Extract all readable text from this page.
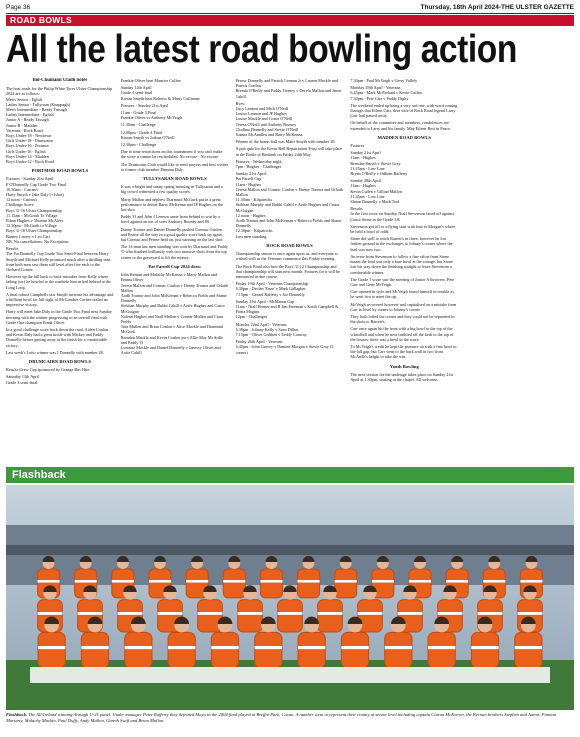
Page 36	Thursday, 18th April 2024-THE ULSTER GAZETTE
ROAD BOWLS
All the latest road bowling action

Bol-Chumann Uladh notes

The host roads for the Philip White Tyres Ulster Championship 2024 are as follows:
Men's Senior - Eglish
Ladies Senior - Tullyroan (Knappagh)
Men's Intermediate - Ready Tassagh
Ladies Intermediate - Eglish
Junior A - Ready Tassagh
Junior B - Madden
Veterans - Rock Road
Boys Under-18 - Newtown
Girls Under-18 - Drumcairn
Boys Under-16 - Portmor
Girls Under-16 - Eglish
Boys Under-14 - Madden
Boys Under-12 - Rock Road

PORTMOR ROAD BOWLS

Fixtures - Sunday 21st April
F O'Donnelly Cup Grade Two Final
10.30am - Curran's
Harry Smyth v Jake Daly (+1shot)
12 noon - Curran's
Challenge Score
Boys' U-16 Ulster Championship
11.15am - McGrath To Village
Ethan Hughes v Thomas McAleer
12.30pm - McGrath to Village
Boys' U-16 Ulster Championship
Barney Lavery v Leo Carr
NB. No cancellations. No Exceptions

Results
The Pat Donnelly Cup Grade Two Semi-Final between Harry Smyth and Michael Kelly promised much after a thrilling start from both men saw them still level after five each to the Orchard Corner.

However up the hill back to back mistakes from Kelly where fading (sic) he bowled to the roadside him in bed behind at the Long Loop.

A final robust Campbells saw Smyth increase his advantage and a brilliant bowl for full sight of McCombes Corner sealed an impressive victory.

Harry will meet Jake Daly in the Grade Two Final next Sunday morning with the winner progressing to an overall final with Grade One champion Frank Oliver.

In a good challenge score back down the road, Aiden Conlon and Kevin Daly had a great tussle with Mickey and Paddy Donnelly before getting away at the finish for a comfortable victory.

Last week's Lotto winner was J Donnelly with number 28.

DRUMCAIRN ROAD BOWLS

Results Grew Cup sponsored by Grange Bus Hire

Saturday 13th April
Grade 3 semi-final

Frankie Oliver beat Maurice Cullen

Sunday 14th April
Grade 4 semi-final
Kieran Smyth beat Roberto & Marty Cullinane

Fixtures - Sunday 21st April

11am - Grade 3 Final
Frankie Oliver vs Anthony McVeigh

11.30am - Challenge

12.00pm - Grade 4 Final
Kieran Smyth vs Joshua O'Neill

12.30pm - Challenge

Due to time restrictions on this tournament if you can't make the score it cannot be rescheduled. No excuse - No excuse.

The Drumcairn Club would like to send prayers and best wishes to former club member Damian Daly.

TULLYSARAN ROAD BOWLS

It was a bright and sunny spring morning in Tullysaran and a big crowd witnessed a few quality scores.

Marty Mallon and nephew Diarmuid McGurk put in a great performance to defeat Barry McKenna and JP Hughes on the last shot.

Paddy 'O and John J Lennon came from behind to win by a bowl against an out of sorts Anthony Rooney and JR.

Danny Trainor and Daniel Donnelly pushed Cormac Conlon and Pearse all the way in a good quality score back up again, but Cormac and Pearse held on, just winning on the last shot.

The 14 man last men standing was won by Diarmuid and Paddy 'O who finished brilliantly with two massive shots from the top corner to the graveyard to lift the money.

Pat Farrell Cup 2024 draw

John Kernan and Malachy McKenna v Marty Mallon and Emma Oliver
Teresa Mallon and Cormac Conlon v Danny Trainor and Orlaith Mallon
Aodh Trainor and John McKernan v Rebecca Fields and Shane Donnelly
Siobhan Murphy and Dubhi Cahill v Aoife Hughes and Conor McGuigan
Nolean Hughes and Niall Mullen v Connie Mullen and Ciara Fields
Tara Mullen and Brian Conlon v Alice Mackle and Diarmuid McGurk
Brendan Mackle and Kevin Conlon jnr v Ellie May McArdle and Paddy 'O
Lorraine Mackle and Daniel Donnelly v Janessy Oliver and Aoife Cahill

Pearse Donnelly and Patrick Lennon Jr v Lauren Mackle and Patrick Conlon
Brenda O'Reilly and Paddy Tierney v Dervla Mallon and Jason Cahill.

Byes:
Lucy Lennon and Mich O'Neill
Louise Lennon and JP Hughes
Louise Mackle and Conor O'Neill
Teresa O'Neill and Anthony Rooney
Clodhna Donnelly and Stevie O'Neill
Joanne McAnallen and Barry McKenna.

Winner of the bonus ball was Mairi Smyth with number 28.

A pub quiz for the Kevin Bell Repatriation Trust will take place in the Bottle of Benburb on Friday 24th May.

Fixtures - Wednesday night.
7pm - Hughes - Challenges

Sunday 21st April
Pat Farrell Cup
11am - Hughes
Teresa Mallon and Cormac Conlon v Danny Trainor and Orlaith Mallon
11.30am - Kilpatricks
Siobhan Murphy and Dubhi Cahill v Aoife Hughes and Conor McGuigan
12 noon - Hughes
Aodh Trainor and John McKernan v Rebecca Fields and Shane Donnelly
12.30pm - Kilpatricks
Last men standing.

ROCK ROAD BOWLS

Championship season is once again upon us, and everyone is wished well as the Veterans commence this Friday evening.

The Rock Road also host the Boys' U-12 Championship and that championship will start next month. Fixtures for it will be announced in due course.

Friday 19th April - Veterans Championship
6.30pm - Declan 'Enzo' v Mark Gallagher
7.15pm - Gerard Rafferty v Joe Donnelly

Sunday 21st April - McManus Cup
11am - Niall Horner and B Jim Freeman v Keith Campbell & Fiona Maginn
12pm - Challenges

Monday 22nd April - Veterans
6.30pm - Johnny Kelly v Sean Dillon
7.15pm - Oliver Gribben v Teddy Conway

Friday 26th April - Veterans
6.45pm - John Garvey v Damien Morgan v Stevie Gray (3 corner)

7.30pm - Paul McVeigh v Gerry Vallely

Monday 29th April - Veterans
6.45pm - Mark McParland v Kevin Cullen
7.30pm - Pete Carr v Paddy Dighy

The weekend ended up being a very sad one, with word coming through that Eileen Carr, dear wife of Rock Road legend Larry Carr had passed away.

On behalf of the committee and members, condolences are extended to Larry and his family. May Eileen Rest in Peace.

MADDEN ROAD BOWLS

Fixtures

Sunday 21st April
11am - Hughes
Brendan Smyth v Stevie Gray
11.45am - Low Line
Bryan O'Reilly v Odhran Rafferty

Sunday 28th April
11am - Hughes
Kevin Cullen v Gillian Mallon
11.45am - Low Line
Shaun Donnelly v Mark Teal

Results
In the first score on Sunday, Niall Stevenson faced off against Conor Stone in the Grade 3A.

Stevenson got off to a flying start with four to Morgan's where he held a bowl of odds.

Stone did well to reach Barrett's in three, however he lost further ground in the exchanges to Johnny's corner where the lead was now two.

An error from Stevenson to follow a fine effort from Stone meant the lead was only a bare bowl at the cottage, but Stone lost his way down the finishing straight to leave Stevenson a comfortable winner.

The Grade 1 score saw the meeting of Junior A throwers, Pete Carr and Gene McVeigh.

Carr opened in style and McVeigh found himself in trouble as he went two to meet the tip.

McVeigh recovered however and capitalised on a mistake from Carr to level by corner to Johnny's corner.

They both lofted the corner and they could not be separated in the shots to Barrett's.

Carr once again hit the front with a big bowl to the top of the schoolhill and when he next truthfed off the kerb to the top of the houses, there was a bowl in the score.

To McVeigh's credit he kept the pressure on with a fine bowl to the fall gap, but Carr went to the back wall in two from McArdle's height to take the win.

Youth Bowling

The next session for the underage takes place on Sunday 21st April at 1.30pm, starting at the chapel. All welcome.

Flashback
Flashback. The All-Ireland winning Armagh U-21 panel. Under manager Peter Rafferty they defeated Mayo in the 2004 final played at Breffni Park, Cavan. A number went to represent their county at senior level including captain Ciaran McKeever, the Kernan brothers Stephen and Aaron, Finnian Moriarty, Malachy Mackin, Paul Duffy, Andy Mallon, Gareth Swift and Brian Mallon.
